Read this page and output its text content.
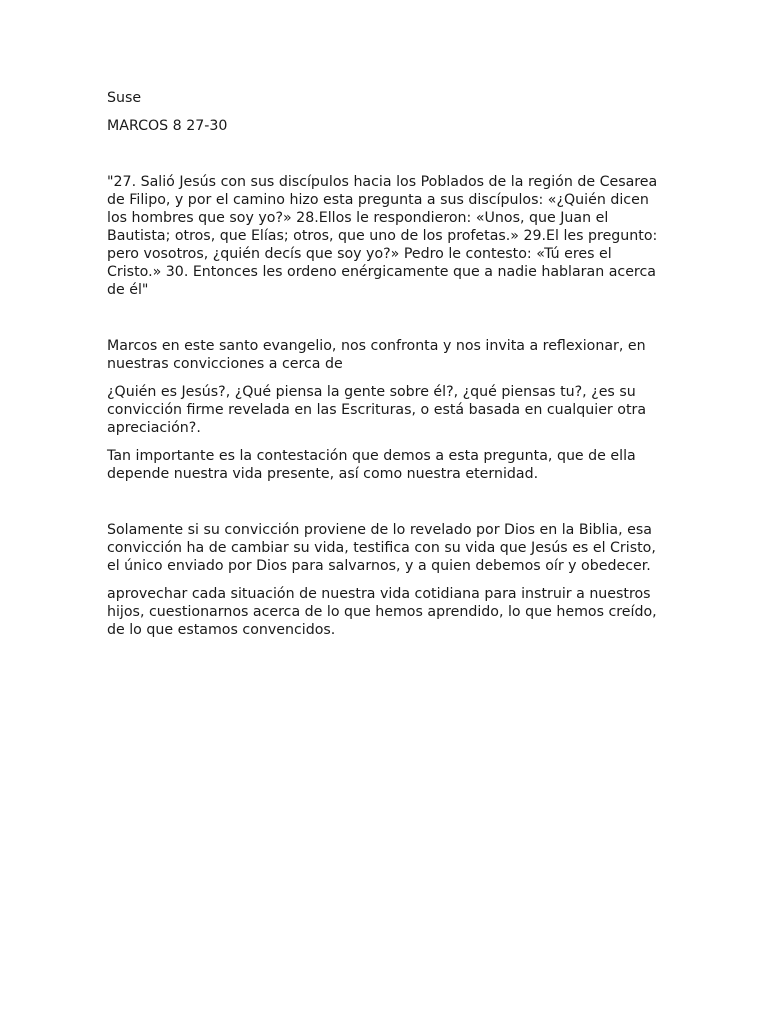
Suse

MARCOS 8 27-30

"27. Salió Jesús con sus discípulos hacia los Poblados de la región de Cesarea de Filipo, y por el camino hizo esta pregunta a sus discípulos: «¿Quién dicen los hombres que soy yo?» 28.Ellos le respondieron: «Unos, que Juan el Bautista; otros, que Elías; otros, que uno de los profetas.» 29.El les pregunto: pero vosotros, ¿quién decís que soy yo?» Pedro le contesto: «Tú eres el Cristo.» 30. Entonces les ordeno enérgicamente que a nadie hablaran acerca de él"

Marcos en este santo evangelio, nos confronta y nos invita a reflexionar, en nuestras convicciones a cerca de

¿Quién es Jesús?, ¿Qué piensa la gente sobre él?, ¿qué piensas tu?, ¿es su convicción firme revelada en las Escrituras, o está basada en cualquier otra apreciación?.

Tan importante es la contestación que demos a esta pregunta, que de ella depende nuestra vida presente, así como nuestra eternidad.

Solamente si su convicción proviene de lo revelado por Dios en la Biblia, esa convicción ha de cambiar su vida, testifica con su vida que Jesús es el Cristo, el único enviado por Dios para salvarnos, y a quien debemos oír y obedecer.

aprovechar cada situación de nuestra vida cotidiana para instruir a nuestros hijos, cuestionarnos acerca de lo que hemos aprendido, lo que hemos creído, de lo que estamos convencidos.
